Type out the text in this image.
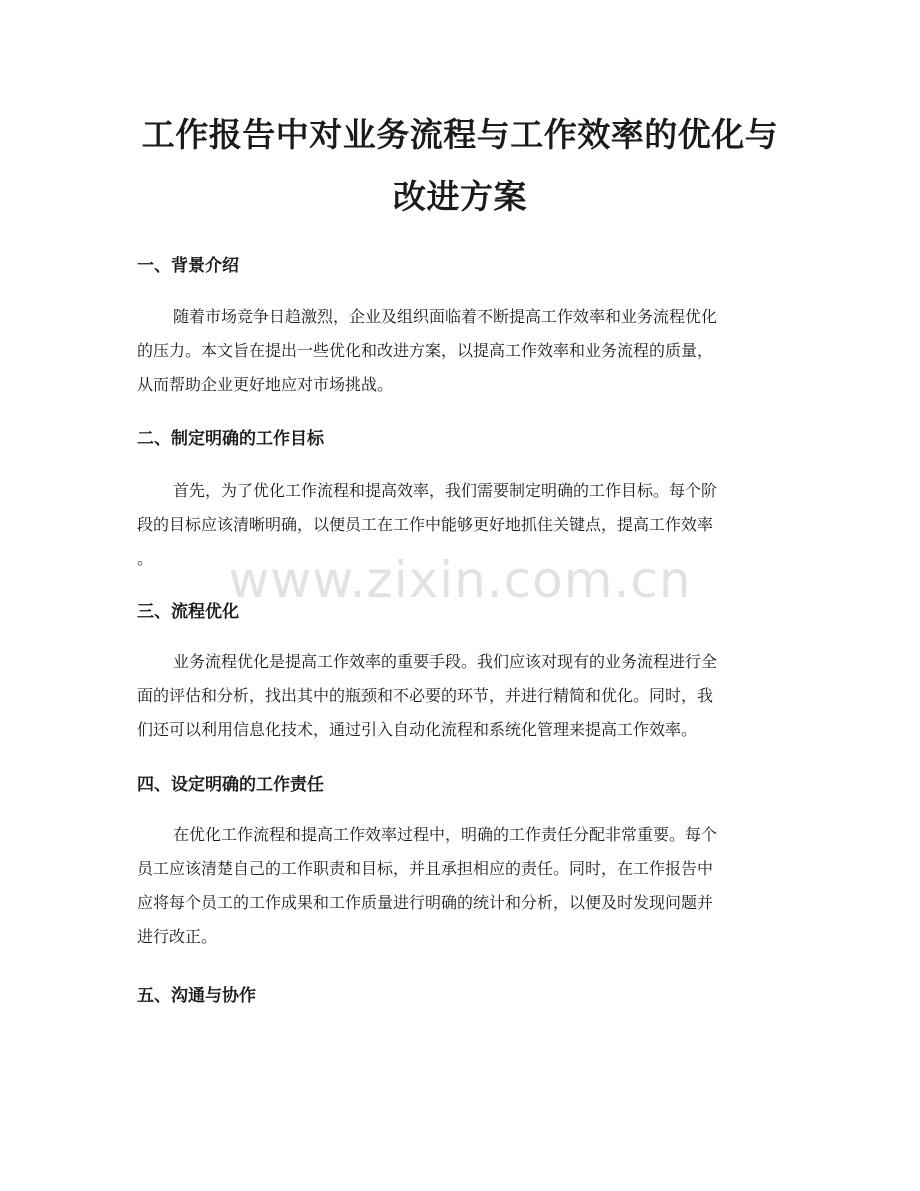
工作报告中对业务流程与工作效率的优化与
改进方案
一、背景介绍

随着市场竞争日趋激烈，企业及组织面临着不断提高工作效率和业务流程优化
的压力。本文旨在提出一些优化和改进方案，以提高工作效率和业务流程的质量，
从而帮助企业更好地应对市场挑战。

二、制定明确的工作目标

首先，为了优化工作流程和提高效率，我们需要制定明确的工作目标。每个阶
段的目标应该清晰明确，以便员工在工作中能够更好地抓住关键点，提高工作效率
。

三、流程优化

业务流程优化是提高工作效率的重要手段。我们应该对现有的业务流程进行全
面的评估和分析，找出其中的瓶颈和不必要的环节，并进行精简和优化。同时，我
们还可以利用信息化技术，通过引入自动化流程和系统化管理来提高工作效率。

四、设定明确的工作责任

在优化工作流程和提高工作效率过程中，明确的工作责任分配非常重要。每个
员工应该清楚自己的工作职责和目标，并且承担相应的责任。同时，在工作报告中
应将每个员工的工作成果和工作质量进行明确的统计和分析，以便及时发现问题并
进行改正。

五、沟通与协作
www.zixin.com.cn
